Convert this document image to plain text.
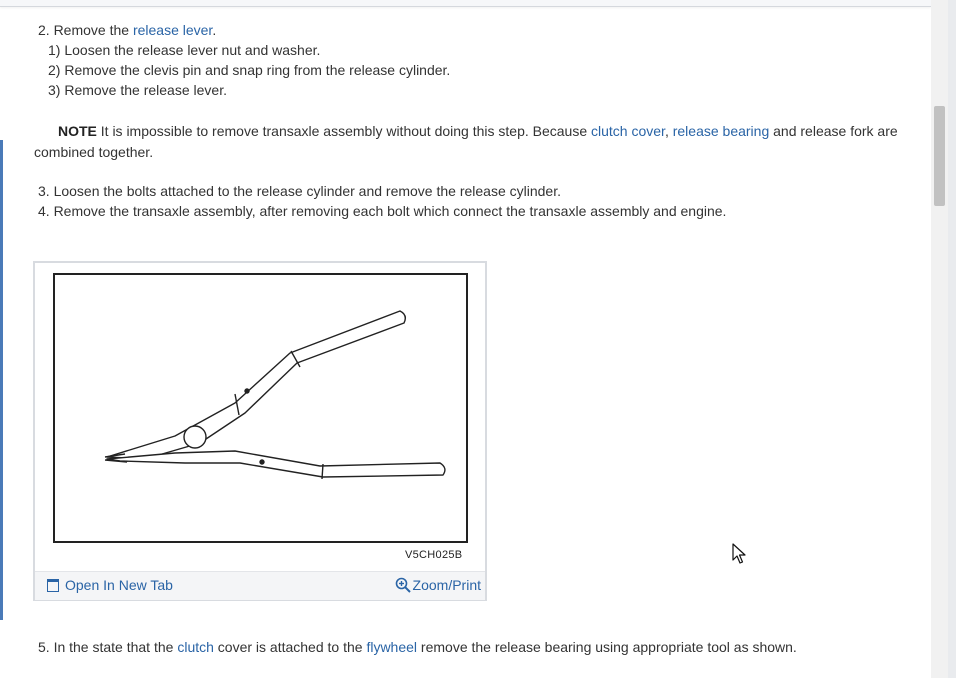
2. Remove the release lever.
1) Loosen the release lever nut and washer.
2) Remove the clevis pin and snap ring from the release cylinder.
3) Remove the release lever.
NOTE It is impossible to remove transaxle assembly without doing this step. Because clutch cover, release bearing and release fork are combined together.
3. Loosen the bolts attached to the release cylinder and remove the release cylinder.
4. Remove the transaxle assembly, after removing each bolt which connect the transaxle assembly and engine.
5. In the state that the clutch cover is attached to the flywheel remove the release bearing using appropriate tool as shown.
V5CH025B
Open In New Tab	Zoom/Print
